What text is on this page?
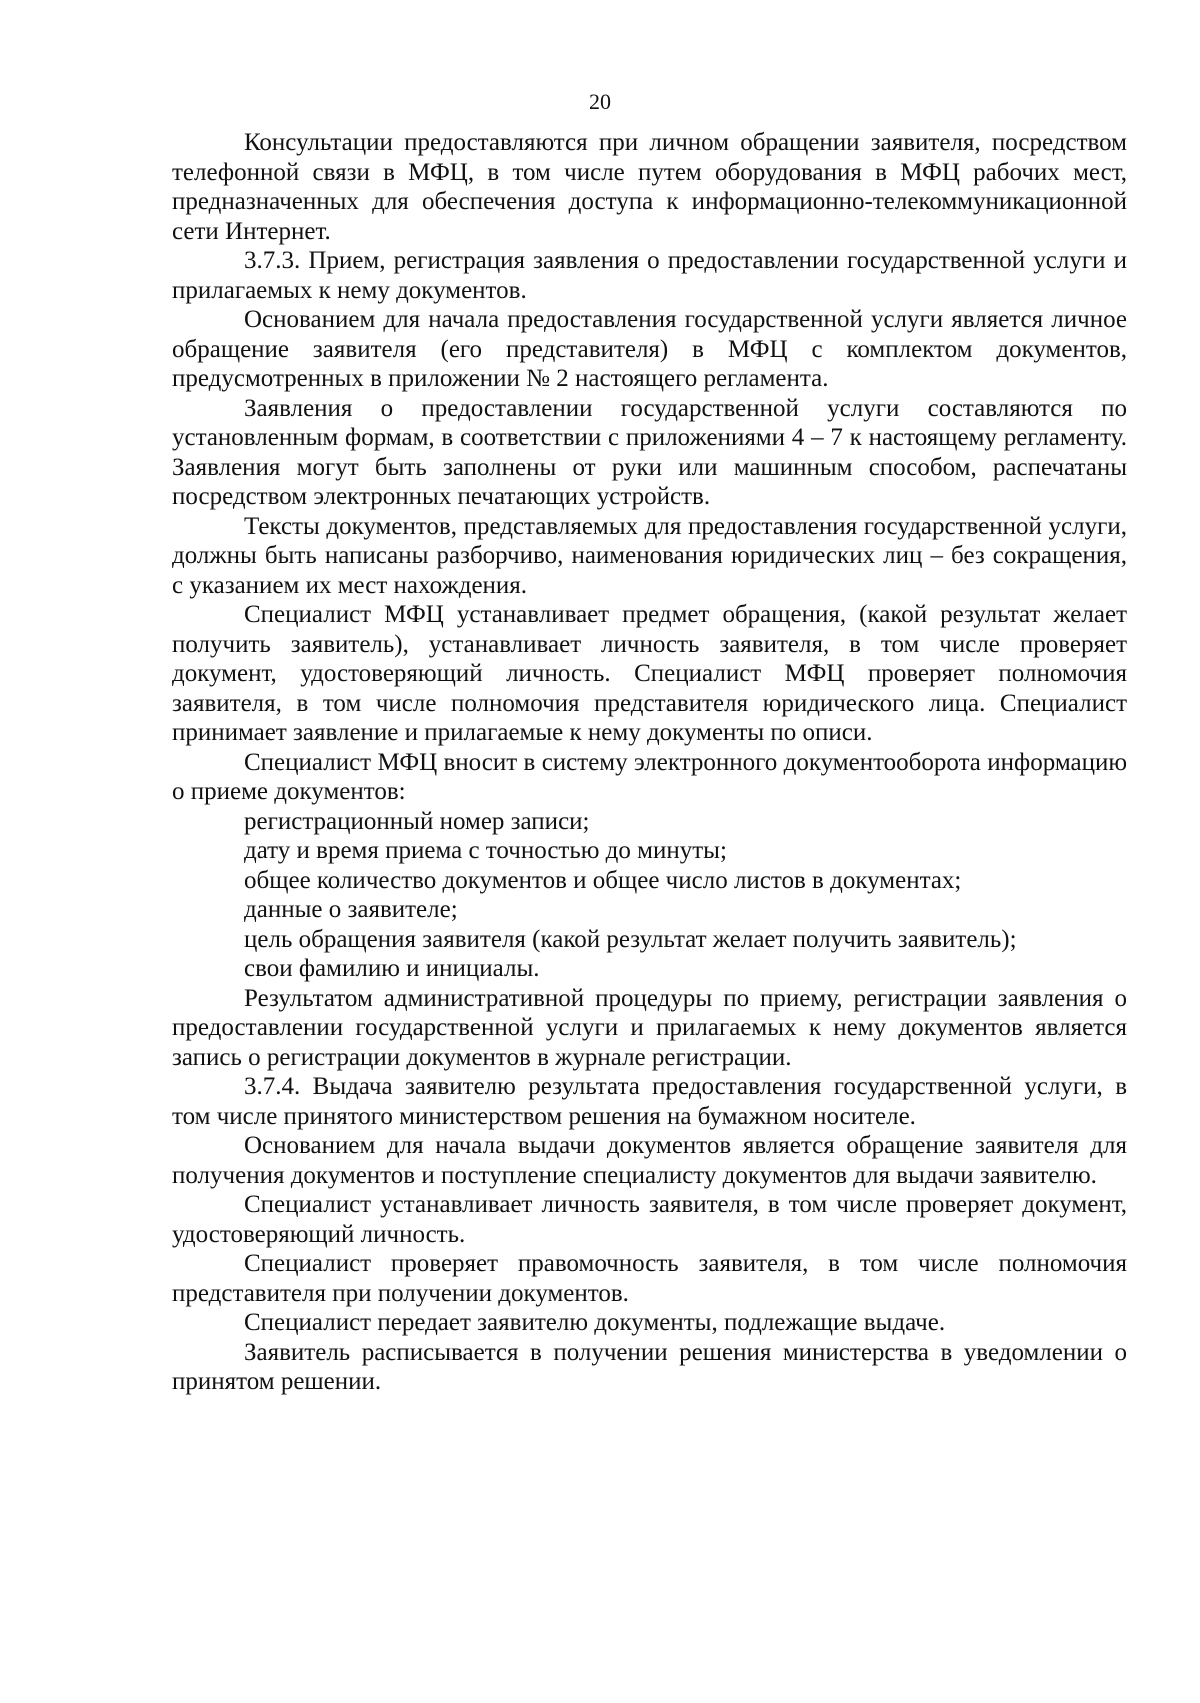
20

Консультации предоставляются при личном обращении заявителя, посредством телефонной связи в МФЦ, в том числе путем оборудования в МФЦ рабочих мест, предназначенных для обеспечения доступа к информационно-телекоммуникационной сети Интернет.

3.7.3. Прием, регистрация заявления о предоставлении государственной услуги и прилагаемых к нему документов.

Основанием для начала предоставления государственной услуги является личное обращение заявителя (его представителя) в МФЦ с комплектом документов, предусмотренных в приложении № 2 настоящего регламента.

Заявления о предоставлении государственной услуги составляются по установленным формам, в соответствии с приложениями 4 – 7 к настоящему регламенту. Заявления могут быть заполнены от руки или машинным способом, распечатаны посредством электронных печатающих устройств.

Тексты документов, представляемых для предоставления государственной услуги, должны быть написаны разборчиво, наименования юридических лиц – без сокращения, с указанием их мест нахождения.

Специалист МФЦ устанавливает предмет обращения, (какой результат желает получить заявитель), устанавливает личность заявителя, в том числе проверяет документ, удостоверяющий личность. Специалист МФЦ проверяет полномочия заявителя, в том числе полномочия представителя юридического лица. Специалист принимает заявление и прилагаемые к нему документы по описи.

Специалист МФЦ вносит в систему электронного документооборота информацию о приеме документов:

регистрационный номер записи;

дату и время приема с точностью до минуты;

общее количество документов и общее число листов в документах;

данные о заявителе;

цель обращения заявителя (какой результат желает получить заявитель);

свои фамилию и инициалы.

Результатом административной процедуры по приему, регистрации заявления о предоставлении государственной услуги и прилагаемых к нему документов является запись о регистрации документов в журнале регистрации.

3.7.4. Выдача заявителю результата предоставления государственной услуги, в том числе принятого министерством решения на бумажном носителе.

Основанием для начала выдачи документов является обращение заявителя для получения документов и поступление специалисту документов для выдачи заявителю.

Специалист устанавливает личность заявителя, в том числе проверяет документ, удостоверяющий личность.

Специалист проверяет правомочность заявителя, в том числе полномочия представителя при получении документов.

Специалист передает заявителю документы, подлежащие выдаче.

Заявитель расписывается в получении решения министерства в уведомлении о принятом решении.
